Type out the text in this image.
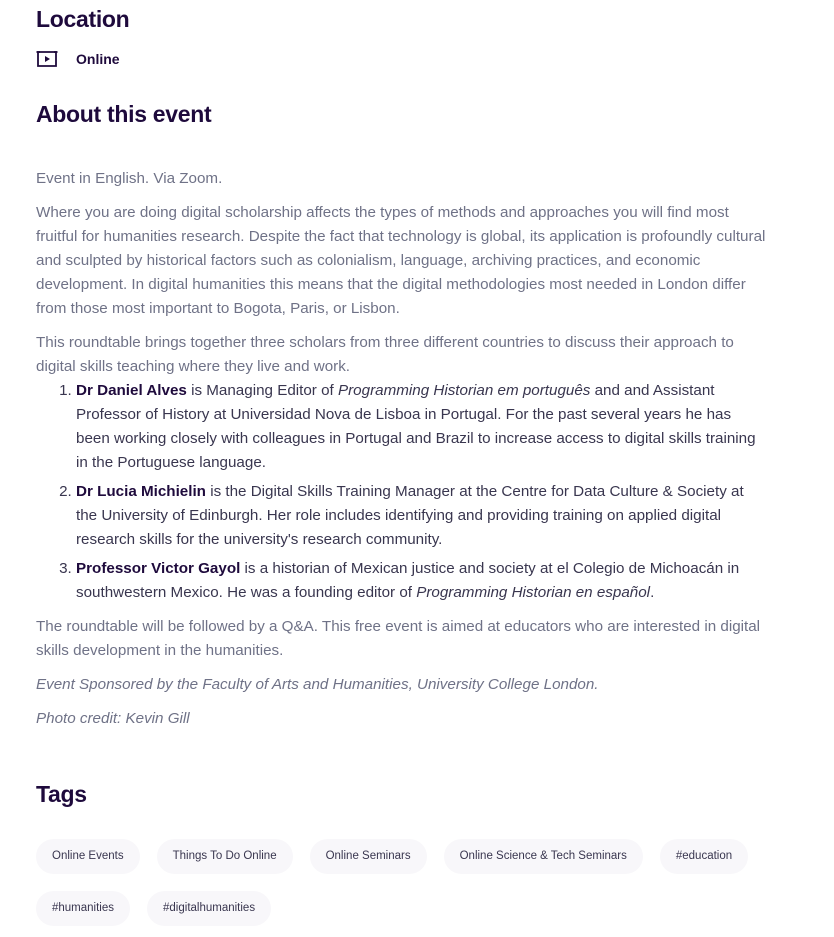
Location
Online
About this event

Event in English. Via Zoom.

Where you are doing digital scholarship affects the types of methods and approaches you will find most fruitful for humanities research. Despite the fact that technology is global, its application is profoundly cultural and sculpted by historical factors such as colonialism, language, archiving practices, and economic development. In digital humanities this means that the digital methodologies most needed in London differ from those most important to Bogota, Paris, or Lisbon.

This roundtable brings together three scholars from three different countries to discuss their approach to digital skills teaching where they live and work.

1. Dr Daniel Alves is Managing Editor of Programming Historian em português and and Assistant Professor of History at Universidad Nova de Lisboa in Portugal. For the past several years he has been working closely with colleagues in Portugal and Brazil to increase access to digital skills training in the Portuguese language.
2. Dr Lucia Michielin is the Digital Skills Training Manager at the Centre for Data Culture & Society at the University of Edinburgh. Her role includes identifying and providing training on applied digital research skills for the university's research community.
3. Professor Victor Gayol is a historian of Mexican justice and society at el Colegio de Michoacán in southwestern Mexico. He was a founding editor of Programming Historian en español.

The roundtable will be followed by a Q&A. This free event is aimed at educators who are interested in digital skills development in the humanities.

Event Sponsored by the Faculty of Arts and Humanities, University College London.

Photo credit: Kevin Gill

Tags
Online Events	Things To Do Online	Online Seminars	Online Science & Tech Seminars	#education
#humanities	#digitalhumanities
